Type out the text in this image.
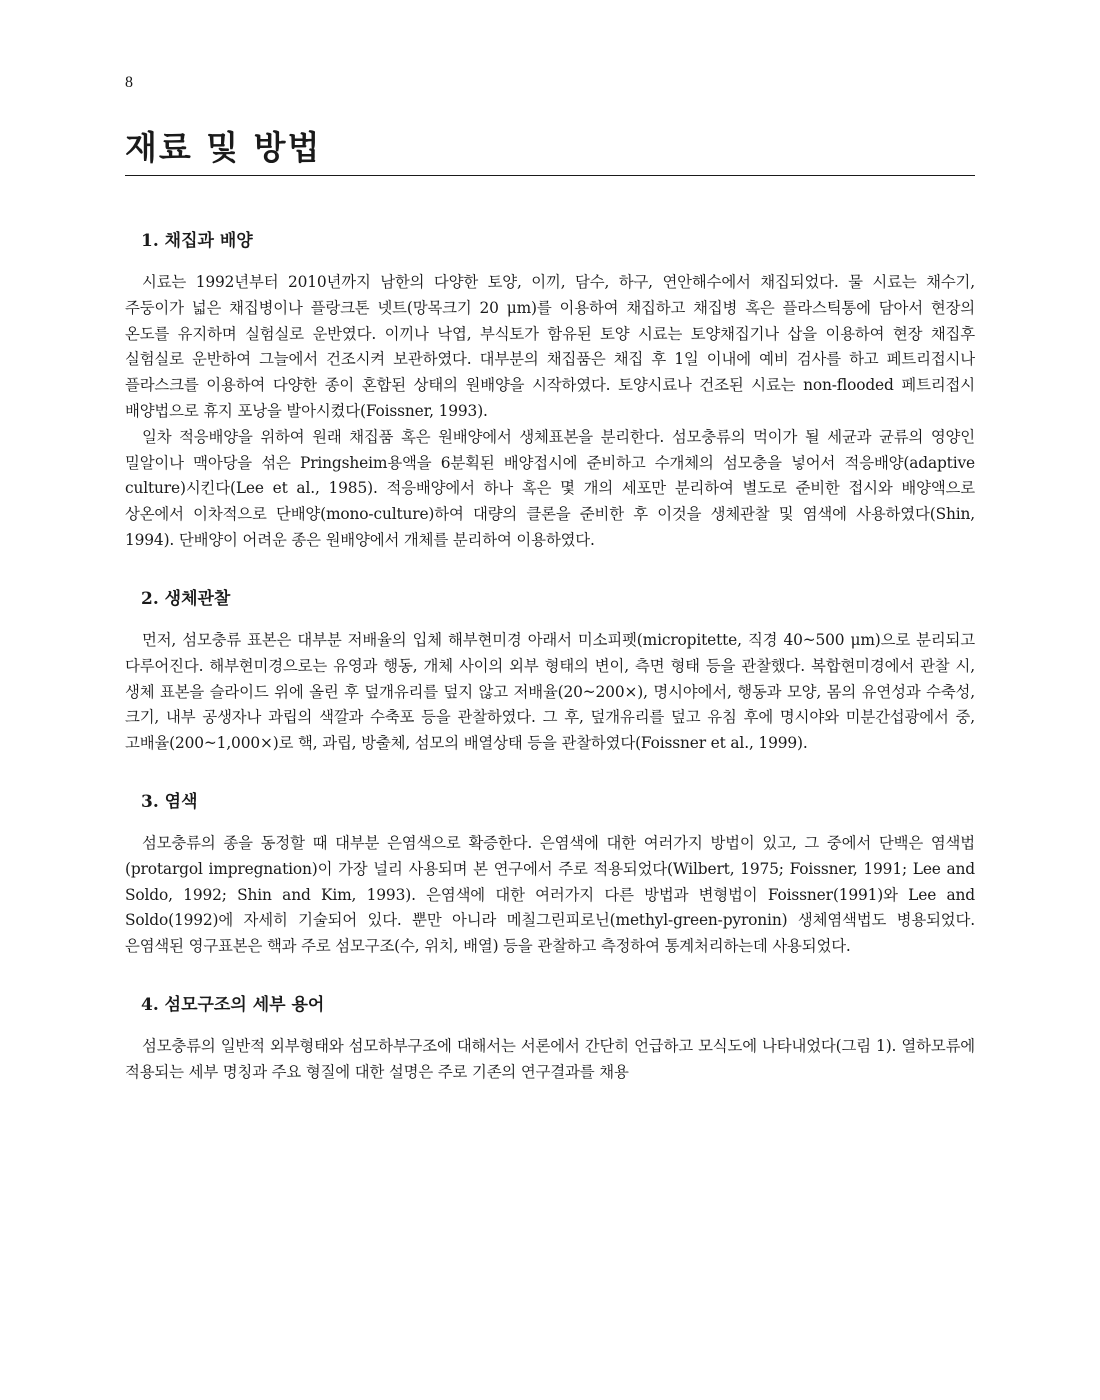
8
재료 및 방법
1. 채집과 배양

시료는 1992년부터 2010년까지 남한의 다양한 토양, 이끼, 담수, 하구, 연안해수에서 채집되었다. 물 시료는 채수기, 주둥이가 넓은 채집병이나 플랑크톤 넷트(망목크기 20 μm)를 이용하여 채집하고 채집병 혹은 플라스틱통에 담아서 현장의 온도를 유지하며 실험실로 운반였다. 이끼나 낙엽, 부식토가 함유된 토양 시료는 토양채집기나 삽을 이용하여 현장 채집후 실험실로 운반하여 그늘에서 건조시켜 보관하였다. 대부분의 채집품은 채집 후 1일 이내에 예비 검사를 하고 페트리접시나 플라스크를 이용하여 다양한 종이 혼합된 상태의 원배양을 시작하였다. 토양시료나 건조된 시료는 non-flooded 페트리접시 배양법으로 휴지 포낭을 발아시켰다(Foissner, 1993).

일차 적응배양을 위하여 원래 채집품 혹은 원배양에서 생체표본을 분리한다. 섬모충류의 먹이가 될 세균과 균류의 영양인 밀알이나 맥아당을 섞은 Pringsheim용액을 6분획된 배양접시에 준비하고 수개체의 섬모충을 넣어서 적응배양(adaptive culture)시킨다(Lee et al., 1985). 적응배양에서 하나 혹은 몇 개의 세포만 분리하여 별도로 준비한 접시와 배양액으로 상온에서 이차적으로 단배양(mono-culture)하여 대량의 클론을 준비한 후 이것을 생체관찰 및 염색에 사용하였다(Shin, 1994). 단배양이 어려운 종은 원배양에서 개체를 분리하여 이용하였다.

2. 생체관찰

먼저, 섬모충류 표본은 대부분 저배율의 입체 해부현미경 아래서 미소피펫(micropitette, 직경 40~500 μm)으로 분리되고 다루어진다. 해부현미경으로는 유영과 행동, 개체 사이의 외부 형태의 변이, 측면 형태 등을 관찰했다. 복합현미경에서 관찰 시, 생체 표본을 슬라이드 위에 올린 후 덮개유리를 덮지 않고 저배율(20~200×), 명시야에서, 행동과 모양, 몸의 유연성과 수축성, 크기, 내부 공생자나 과립의 색깔과 수축포 등을 관찰하였다. 그 후, 덮개유리를 덮고 유침 후에 명시야와 미분간섭광에서 중, 고배율(200~1,000×)로 핵, 과립, 방출체, 섬모의 배열상태 등을 관찰하였다(Foissner et al., 1999).

3. 염색

섬모충류의 종을 동정할 때 대부분 은염색으로 확증한다. 은염색에 대한 여러가지 방법이 있고, 그 중에서 단백은 염색법(protargol impregnation)이 가장 널리 사용되며 본 연구에서 주로 적용되었다(Wilbert, 1975; Foissner, 1991; Lee and Soldo, 1992; Shin and Kim, 1993). 은염색에 대한 여러가지 다른 방법과 변형법이 Foissner(1991)와 Lee and Soldo(1992)에 자세히 기술되어 있다. 뿐만 아니라 메칠그린피로닌(methyl-green-pyronin) 생체염색법도 병용되었다. 은염색된 영구표본은 핵과 주로 섬모구조(수, 위치, 배열) 등을 관찰하고 측정하여 통계처리하는데 사용되었다.

4. 섬모구조의 세부 용어

섬모충류의 일반적 외부형태와 섬모하부구조에 대해서는 서론에서 간단히 언급하고 모식도에 나타내었다(그림 1). 열하모류에 적용되는 세부 명칭과 주요 형질에 대한 설명은 주로 기존의 연구결과를 채용
